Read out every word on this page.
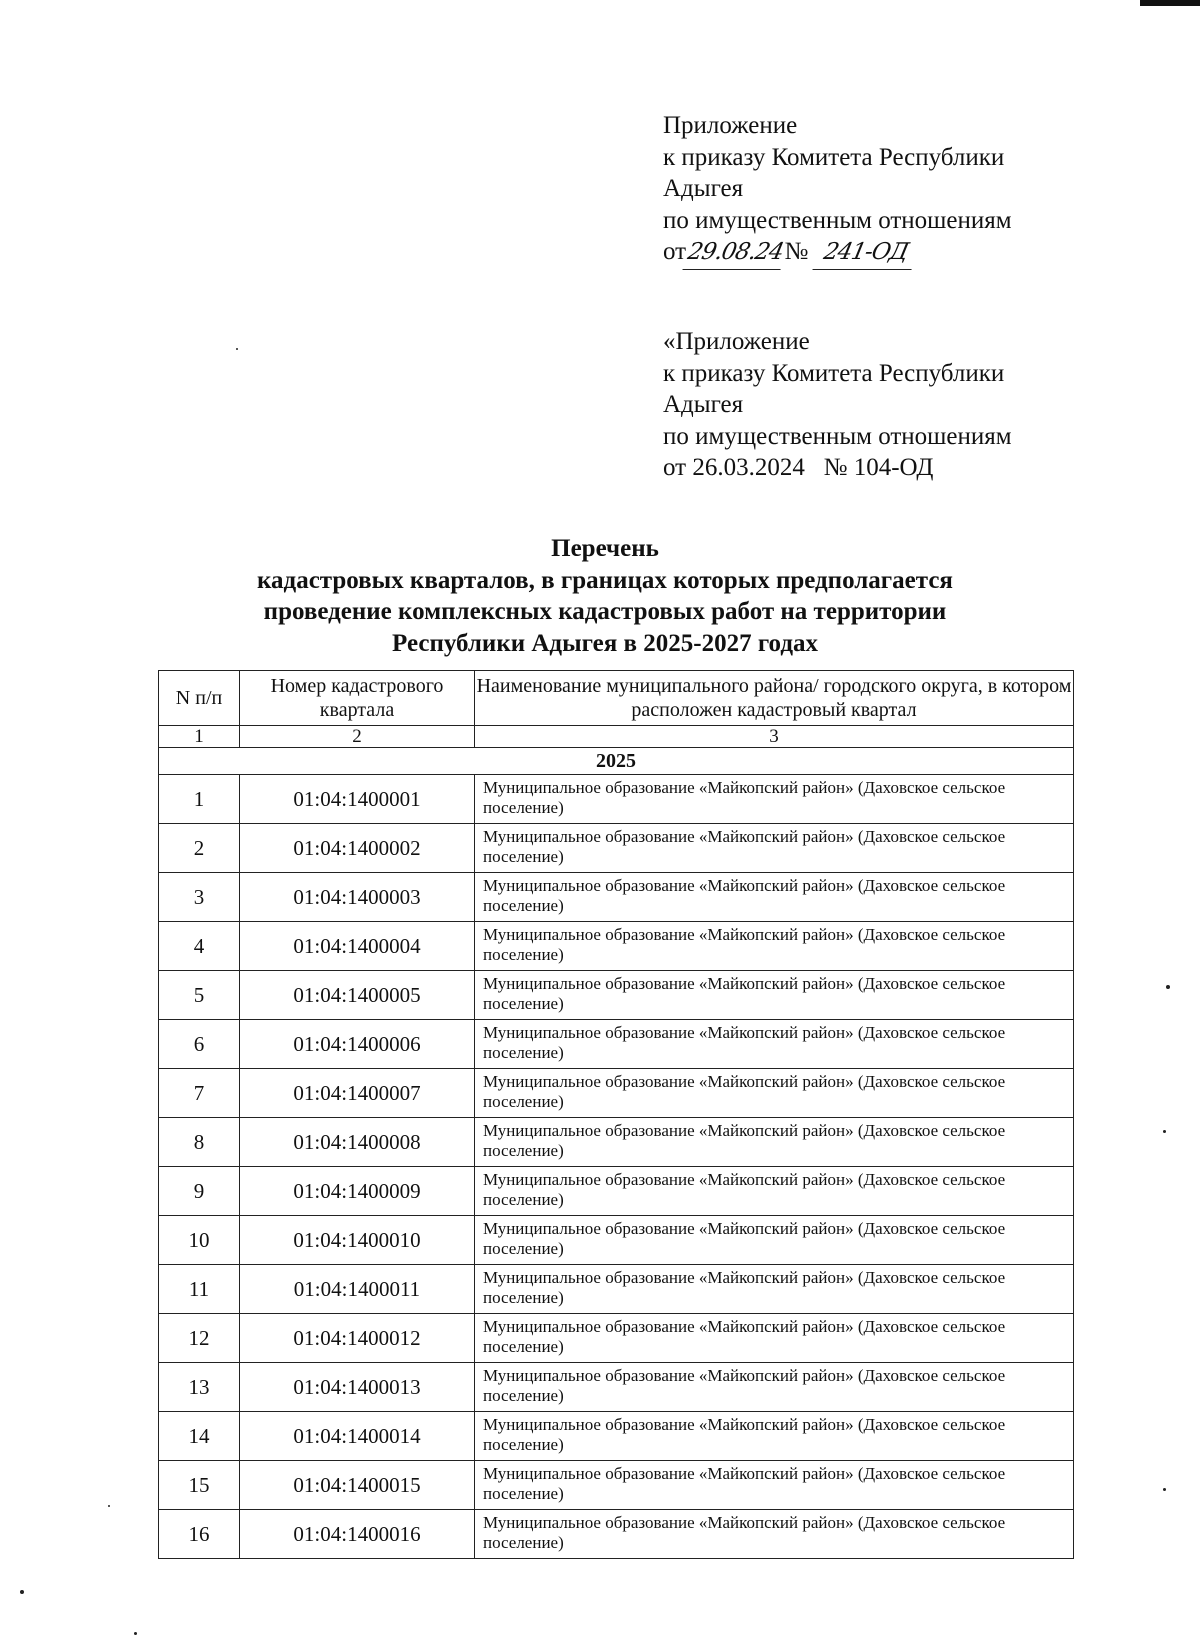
Приложение
к приказу Комитета Республики
Адыгея
по имущественным отношениям
от29.08.24№ 241-ОД
«Приложение
к приказу Комитета Республики
Адыгея
по имущественным отношениям
от 26.03.2024   № 104-ОД
Перечень
кадастровых кварталов, в границах которых предполагается
проведение комплексных кадастровых работ на территории
Республики Адыгея в 2025-2027 годах
N п/п	Номер кадастрового квартала	Наименование муниципального района/ городского округа, в котором расположен кадастровый квартал
1	2	3
2025		
1	01:04:1400001	Муниципальное образование «Майкопский район» (Даховское сельское поселение)
2	01:04:1400002	Муниципальное образование «Майкопский район» (Даховское сельское поселение)
3	01:04:1400003	Муниципальное образование «Майкопский район» (Даховское сельское поселение)
4	01:04:1400004	Муниципальное образование «Майкопский район» (Даховское сельское поселение)
5	01:04:1400005	Муниципальное образование «Майкопский район» (Даховское сельское поселение)
6	01:04:1400006	Муниципальное образование «Майкопский район» (Даховское сельское поселение)
7	01:04:1400007	Муниципальное образование «Майкопский район» (Даховское сельское поселение)
8	01:04:1400008	Муниципальное образование «Майкопский район» (Даховское сельское поселение)
9	01:04:1400009	Муниципальное образование «Майкопский район» (Даховское сельское поселение)
10	01:04:1400010	Муниципальное образование «Майкопский район» (Даховское сельское поселение)
11	01:04:1400011	Муниципальное образование «Майкопский район» (Даховское сельское поселение)
12	01:04:1400012	Муниципальное образование «Майкопский район» (Даховское сельское поселение)
13	01:04:1400013	Муниципальное образование «Майкопский район» (Даховское сельское поселение)
14	01:04:1400014	Муниципальное образование «Майкопский район» (Даховское сельское поселение)
15	01:04:1400015	Муниципальное образование «Майкопский район» (Даховское сельское поселение)
16	01:04:1400016	Муниципальное образование «Майкопский район» (Даховское сельское поселение)
